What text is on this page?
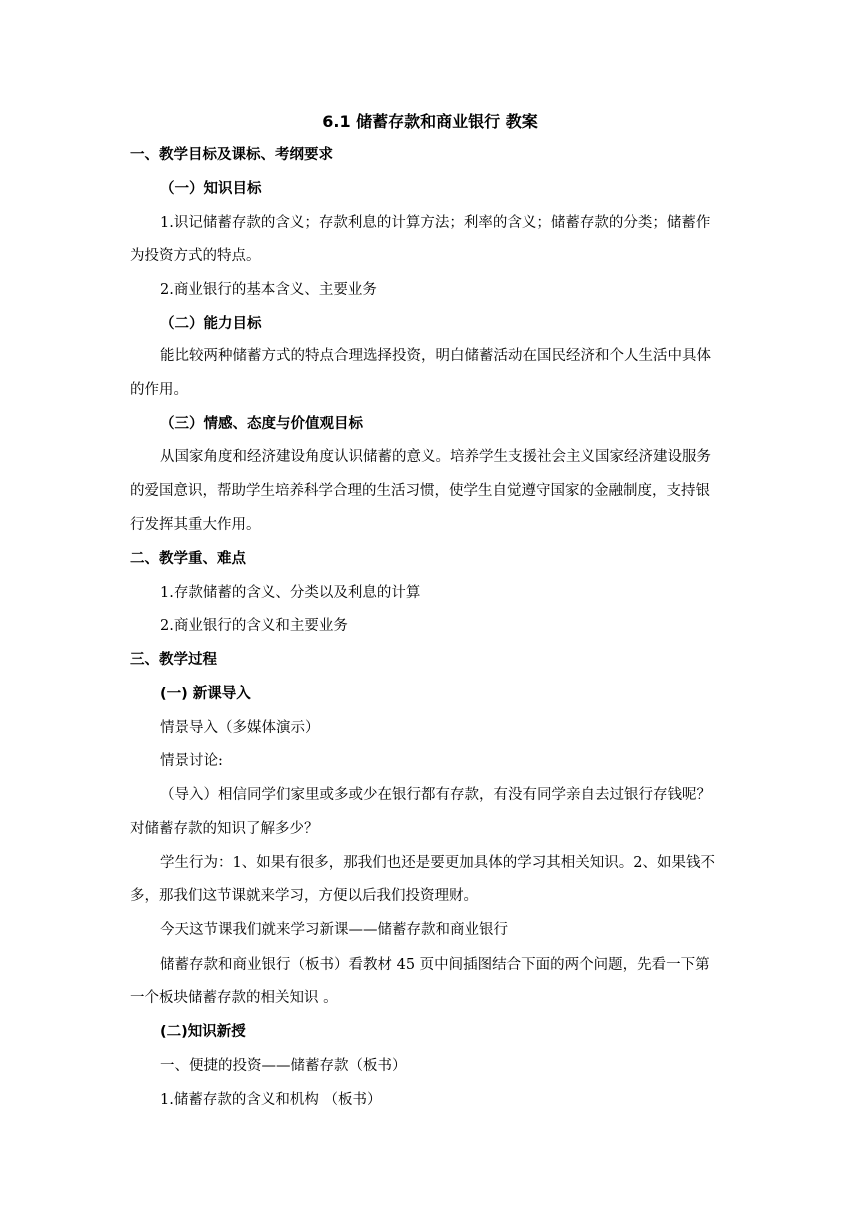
6.1 储蓄存款和商业银行 教案
一、教学目标及课标、考纲要求
（一）知识目标
1.识记储蓄存款的含义；存款利息的计算方法；利率的含义；储蓄存款的分类；储蓄作
为投资方式的特点。
2.商业银行的基本含义、主要业务
（二）能力目标
能比较两种储蓄方式的特点合理选择投资，明白储蓄活动在国民经济和个人生活中具体
的作用。
（三）情感、态度与价值观目标
从国家角度和经济建设角度认识储蓄的意义。培养学生支援社会主义国家经济建设服务
的爱国意识，帮助学生培养科学合理的生活习惯，使学生自觉遵守国家的金融制度，支持银
行发挥其重大作用。
二、教学重、难点
1.存款储蓄的含义、分类以及利息的计算
2.商业银行的含义和主要业务
三、教学过程
(一) 新课导入
情景导入（多媒体演示）
情景讨论:
（导入）相信同学们家里或多或少在银行都有存款，有没有同学亲自去过银行存钱呢？
对储蓄存款的知识了解多少？
学生行为：1、如果有很多，那我们也还是要更加具体的学习其相关知识。2、如果钱不
多，那我们这节课就来学习，方便以后我们投资理财。
今天这节课我们就来学习新课——储蓄存款和商业银行
储蓄存款和商业银行（板书）看教材 45 页中间插图结合下面的两个问题，先看一下第
一个板块储蓄存款的相关知识 。
(二)知识新授
一、便捷的投资——储蓄存款（板书）
1.储蓄存款的含义和机构 （板书）
